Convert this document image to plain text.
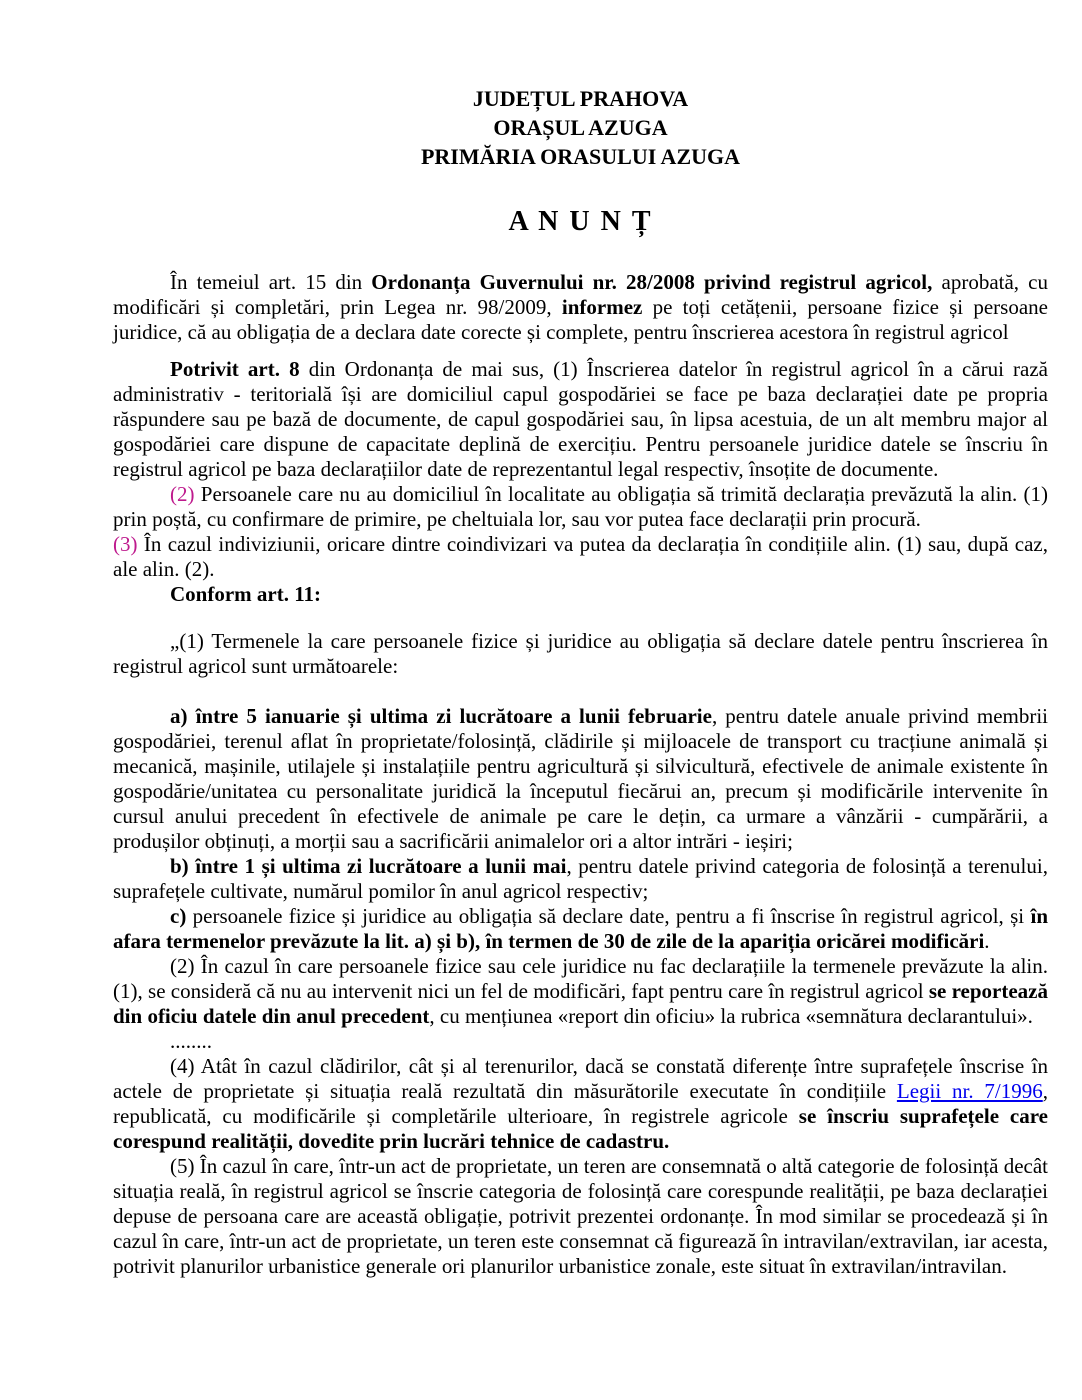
JUDEȚUL PRAHOVA
ORAȘUL AZUGA
PRIMĂRIA ORASULUI AZUGA
A N U N Ț

În temeiul art. 15 din Ordonanța Guvernului nr. 28/2008 privind registrul agricol, aprobată, cu modificări și completări, prin Legea nr. 98/2009, informez pe toți cetățenii, persoane fizice și persoane juridice, că au obligația de a declara date corecte și complete, pentru înscrierea acestora în registrul agricol

Potrivit art. 8 din Ordonanța de mai sus, (1) Înscrierea datelor în registrul agricol în a cărui rază administrativ - teritorială își are domiciliul capul gospodăriei se face pe baza declarației date pe propria răspundere sau pe bază de documente, de capul gospodăriei sau, în lipsa acestuia, de un alt membru major al gospodăriei care dispune de capacitate deplină de exercițiu. Pentru persoanele juridice datele se înscriu în registrul agricol pe baza declarațiilor date de reprezentantul legal respectiv, însoțite de documente.

(2) Persoanele care nu au domiciliul în localitate au obligația să trimită declarația prevăzută la alin. (1) prin poștă, cu confirmare de primire, pe cheltuiala lor, sau vor putea face declarații prin procură.

(3) În cazul indiviziunii, oricare dintre coindivizari va putea da declarația în condițiile alin. (1) sau, după caz, ale alin. (2).

Conform art. 11:

„(1) Termenele la care persoanele fizice și juridice au obligația să declare datele pentru înscrierea în registrul agricol sunt următoarele:

a) între 5 ianuarie și ultima zi lucrătoare a lunii februarie, pentru datele anuale privind membrii gospodăriei, terenul aflat în proprietate/folosință, clădirile și mijloacele de transport cu tracțiune animală și mecanică, mașinile, utilajele și instalațiile pentru agricultură și silvicultură, efectivele de animale existente în gospodărie/unitatea cu personalitate juridică la începutul fiecărui an, precum și modificările intervenite în cursul anului precedent în efectivele de animale pe care le dețin, ca urmare a vânzării - cumpărării, a produșilor obținuți, a morții sau a sacrificării animalelor ori a altor intrări - ieșiri;

b) între 1 și ultima zi lucrătoare a lunii mai, pentru datele privind categoria de folosință a terenului, suprafețele cultivate, numărul pomilor în anul agricol respectiv;

c) persoanele fizice și juridice au obligația să declare date, pentru a fi înscrise în registrul agricol, și în afara termenelor prevăzute la lit. a) și b), în termen de 30 de zile de la apariția oricărei modificări.

(2) În cazul în care persoanele fizice sau cele juridice nu fac declarațiile la termenele prevăzute la alin. (1), se consideră că nu au intervenit nici un fel de modificări, fapt pentru care în registrul agricol se reportează din oficiu datele din anul precedent, cu mențiunea «report din oficiu» la rubrica «semnătura declarantului».

........

(4) Atât în cazul clădirilor, cât și al terenurilor, dacă se constată diferențe între suprafețele înscrise în actele de proprietate și situația reală rezultată din măsurătorile executate în condițiile Legii nr. 7/1996, republicată, cu modificările și completările ulterioare, în registrele agricole se înscriu suprafețele care corespund realității, dovedite prin lucrări tehnice de cadastru.

(5) În cazul în care, într-un act de proprietate, un teren are consemnată o altă categorie de folosință decât situația reală, în registrul agricol se înscrie categoria de folosință care corespunde realității, pe baza declarației depuse de persoana care are această obligație, potrivit prezentei ordonanțe. În mod similar se procedează și în cazul în care, într-un act de proprietate, un teren este consemnat că figurează în intravilan/extravilan, iar acesta, potrivit planurilor urbanistice generale ori planurilor urbanistice zonale, este situat în extravilan/intravilan.
